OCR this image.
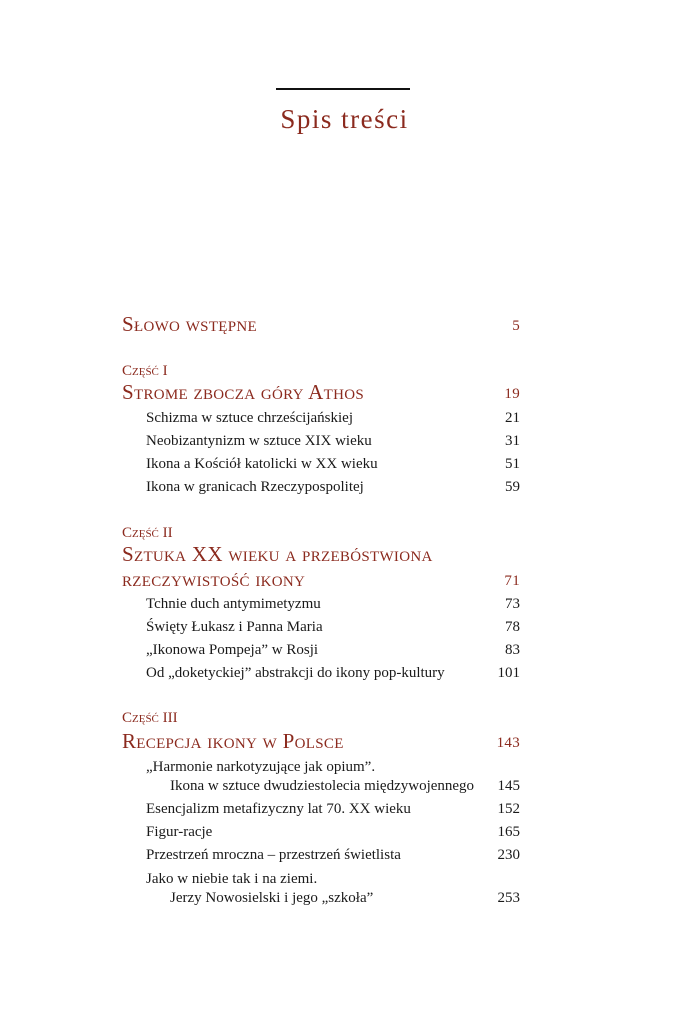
Spis treści
Słowo wstępne	5
Część I
Strome zbocza góry Athos	19
Schizma w sztuce chrześcijańskiej	21
Neobizantynizm w sztuce XIX wieku	31
Ikona a Kościół katolicki w XX wieku	51
Ikona w granicach Rzeczypospolitej	59
Część II
Sztuka XX wieku a przebóstwiona
rzeczywistość ikony	71
Tchnie duch antymimetyzmu	73
Święty Łukasz i Panna Maria	78
„Ikonowa Pompeja” w Rosji	83
Od „doketyckiej” abstrakcji do ikony pop-kultury	101
Część III
Recepcja ikony w Polsce	143
„Harmonie narkotyzujące jak opium”.
Ikona w sztuce dwudziestolecia międzywojennego 145
Esencjalizm metafizyczny lat 70. XX wieku	152
Figur-racje	165
Przestrzeń mroczna – przestrzeń świetlista	230
Jako w niebie tak i na ziemi.
Jerzy Nowosielski i jego „szkoła”	253
